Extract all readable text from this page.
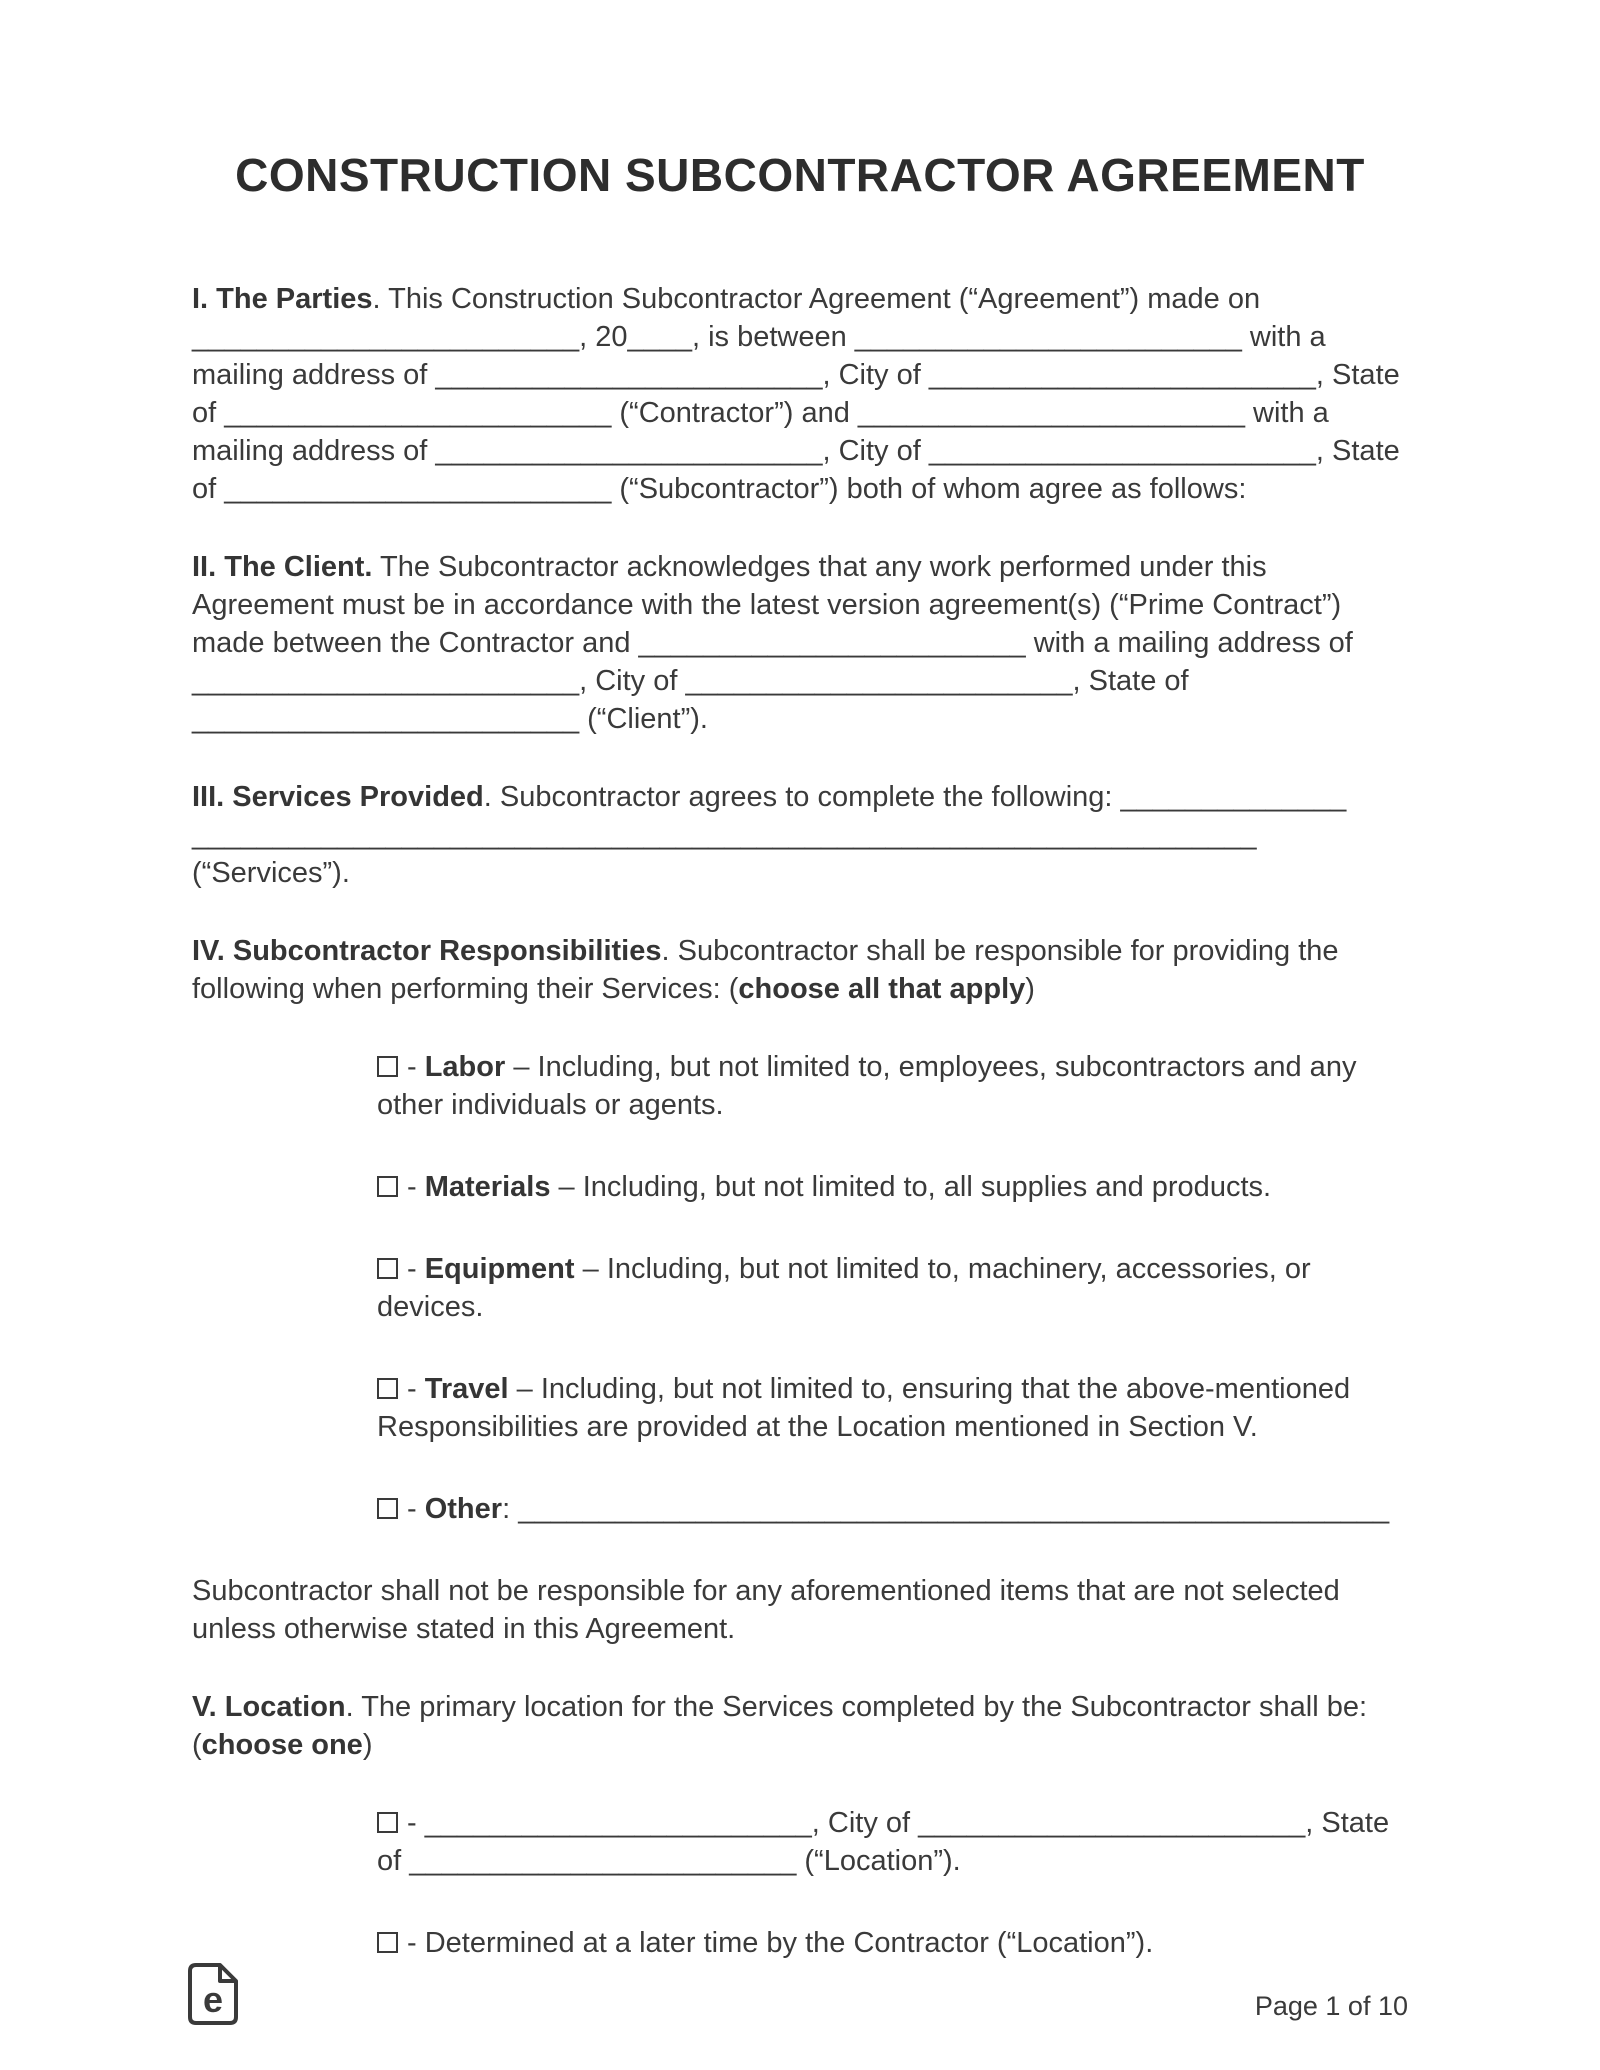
CONSTRUCTION SUBCONTRACTOR AGREEMENT

I. The Parties. This Construction Subcontractor Agreement (“Agreement”) made on ________________________, 20____, is between ________________________ with a mailing address of ________________________, City of ________________________, State of ________________________ (“Contractor”) and ________________________ with a mailing address of ________________________, City of ________________________, State of ________________________ (“Subcontractor”) both of whom agree as follows:

II. The Client. The Subcontractor acknowledges that any work performed under this Agreement must be in accordance with the latest version agreement(s) (“Prime Contract”) made between the Contractor and ________________________ with a mailing address of ________________________, City of ________________________, State of ________________________ (“Client”).

III. Services Provided. Subcontractor agrees to complete the following: ______________
__________________________________________________________________ (“Services”).

IV. Subcontractor Responsibilities. Subcontractor shall be responsible for providing the following when performing their Services: (choose all that apply)

- Labor – Including, but not limited to, employees, subcontractors and any other individuals or agents.

- Materials – Including, but not limited to, all supplies and products.

- Equipment – Including, but not limited to, machinery, accessories, or devices.

- Travel – Including, but not limited to, ensuring that the above-mentioned Responsibilities are provided at the Location mentioned in Section V.

- Other: ______________________________________________________

Subcontractor shall not be responsible for any aforementioned items that are not selected unless otherwise stated in this Agreement.

V. Location. The primary location for the Services completed by the Subcontractor shall be: (choose one)

- ________________________, City of ________________________, State of ________________________ (“Location”).

- Determined at a later time by the Contractor (“Location”).

e	Page 1 of 10
